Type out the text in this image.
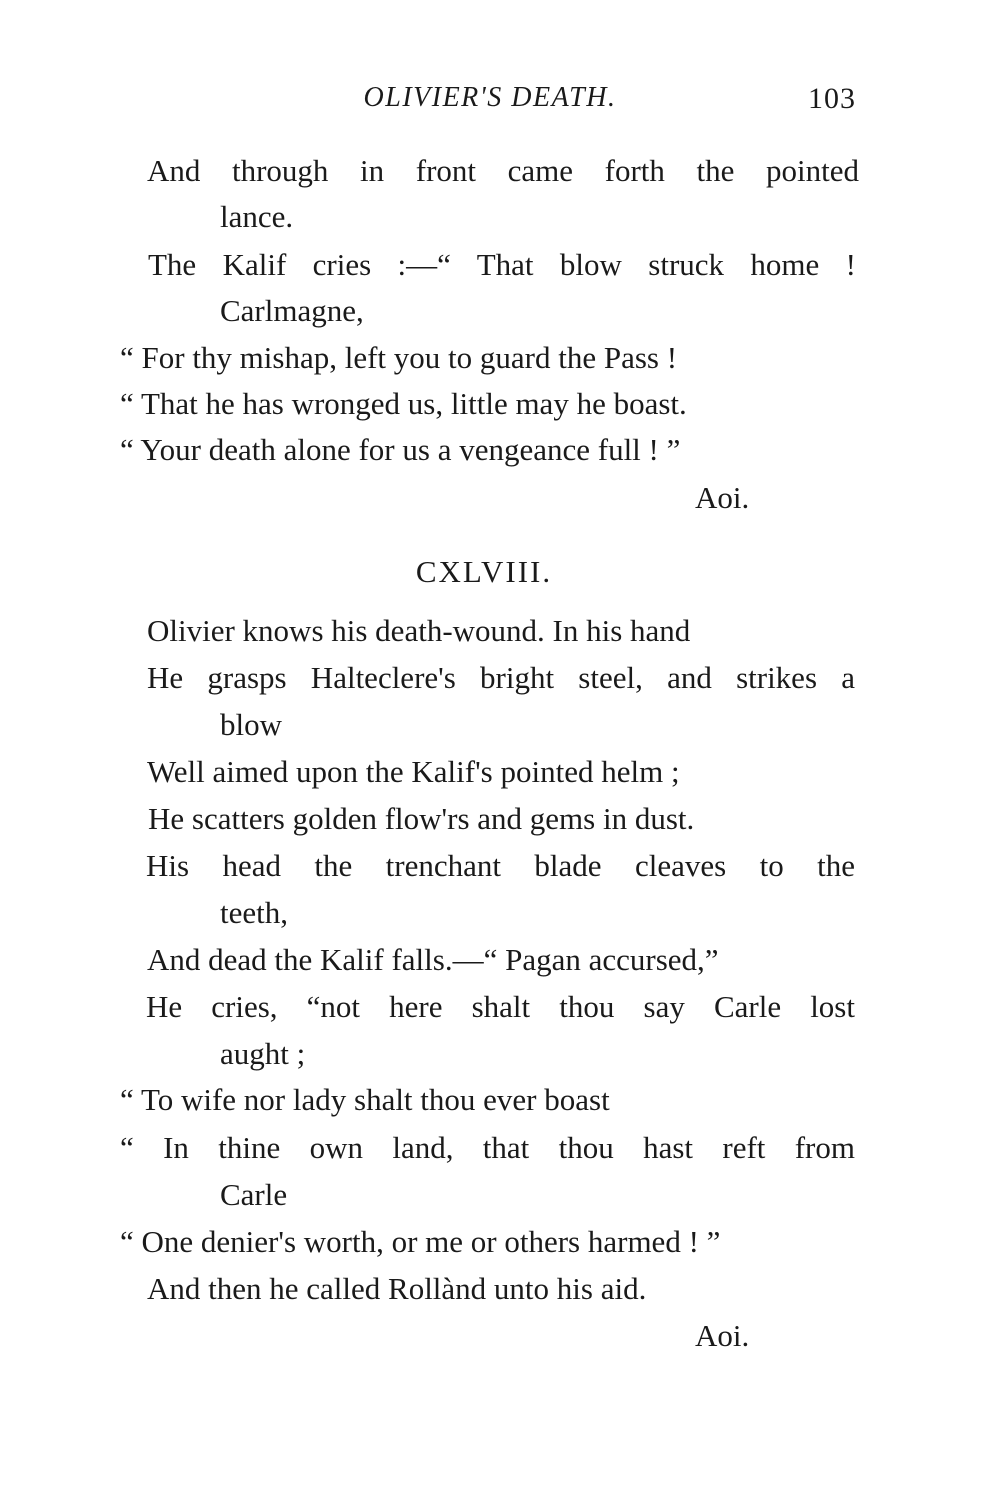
OLIVIER'S DEATH.	103
And through in front came forth the pointed
lance.
The Kalif cries :—“ That blow struck home !
Carlmagne,
“ For thy mishap, left you to guard the Pass !
“ That he has wronged us, little may he boast.
“ Your death alone for us a vengeance full ! ”
Aoi.
CXLVIII.
Olivier knows his death-wound. In his hand
He grasps Halteclere's bright steel, and strikes a
blow
Well aimed upon the Kalif's pointed helm ;
He scatters golden flow'rs and gems in dust.
His head the trenchant blade cleaves to the
teeth,
And dead the Kalif falls.—“ Pagan accursed,”
He cries, “not here shalt thou say Carle lost
aught ;
“ To wife nor lady shalt thou ever boast
“ In thine own land, that thou hast reft from
Carle
“ One denier's worth, or me or others harmed ! ”
And then he called Rollànd unto his aid.
Aoi.
